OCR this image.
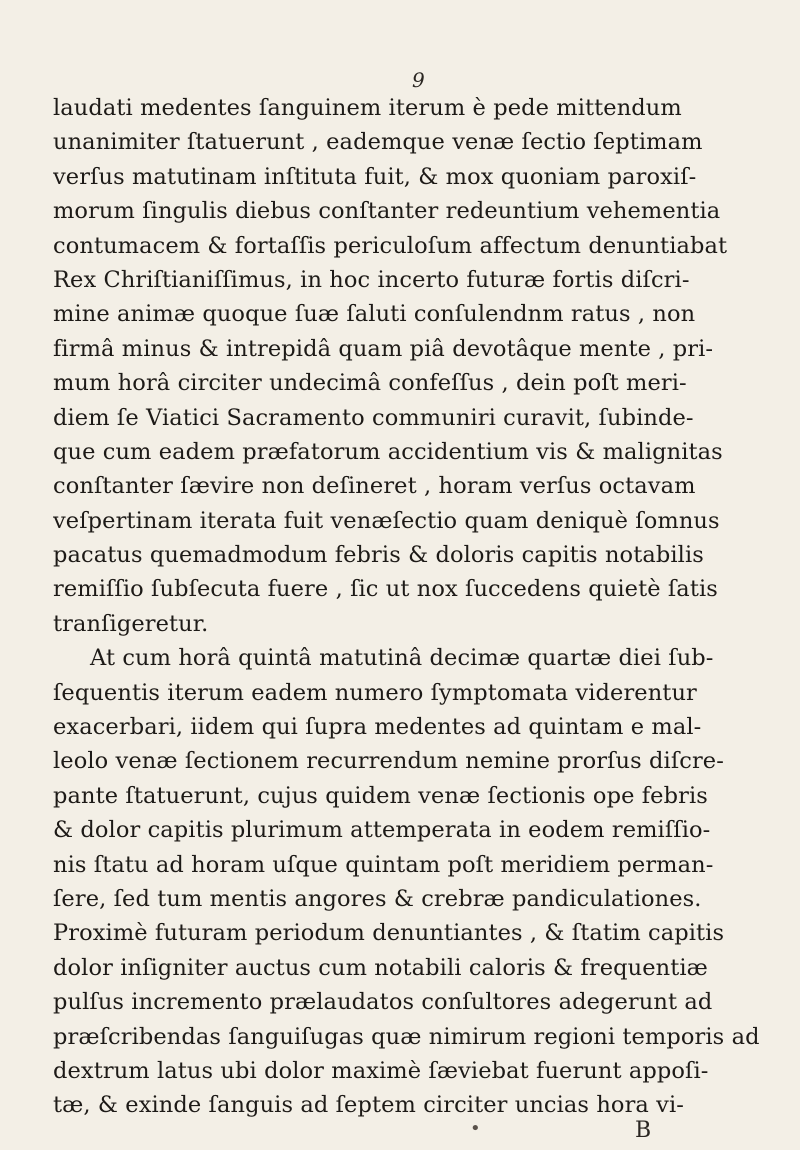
9
laudati medentes ſanguinem iterum è pede mittendum
unanimiter ſtatuerunt , eademque venæ ſectio ſeptimam
verſus matutinam inſtituta fuit, & mox quoniam paroxiſ-
morum ſingulis diebus conſtanter redeuntium vehementia
contumacem & fortaſſis periculoſum affectum denuntiabat
Rex Chriſtianiſſimus, in hoc incerto futuræ fortis diſcri-
mine animæ quoque ſuæ ſaluti conſulendnm ratus , non
firmâ minus & intrepidâ quam piâ devotâque mente , pri-
mum horâ circiter undecimâ confeſſus , dein poſt meri-
diem ſe Viatici Sacramento communiri curavit, ſubinde-
que cum eadem præfatorum accidentium vis & malignitas
conſtanter ſævire non deſineret , horam verſus octavam
veſpertinam iterata fuit venæſectio quam deniquè ſomnus
pacatus quemadmodum febris & doloris capitis notabilis
remiſſio ſubſecuta fuere , ſic ut nox ſuccedens quietè ſatis
tranſigeretur.
At cum horâ quintâ matutinâ decimæ quartæ diei ſub-
ſequentis iterum eadem numero ſymptomata viderentur
exacerbari, iidem qui ſupra medentes ad quintam e mal-
leolo venæ ſectionem recurrendum nemine prorſus diſcre-
pante ſtatuerunt, cujus quidem venæ ſectionis ope febris
& dolor capitis plurimum attemperata in eodem remiſſio-
nis ſtatu ad horam uſque quintam poſt meridiem perman-
ſere, ſed tum mentis angores & crebræ pandiculationes.
Proximè futuram periodum denuntiantes , & ſtatim capitis
dolor inſigniter auctus cum notabili caloris & frequentiæ
pulſus incremento prælaudatos conſultores adegerunt ad
præſcribendas ſanguiſugas quæ nimirum regioni temporis ad
dextrum latus ubi dolor maximè ſæviebat fuerunt appoſi-
tæ, & exinde ſanguis ad ſeptem circiter uncias hora vi-
•	B
